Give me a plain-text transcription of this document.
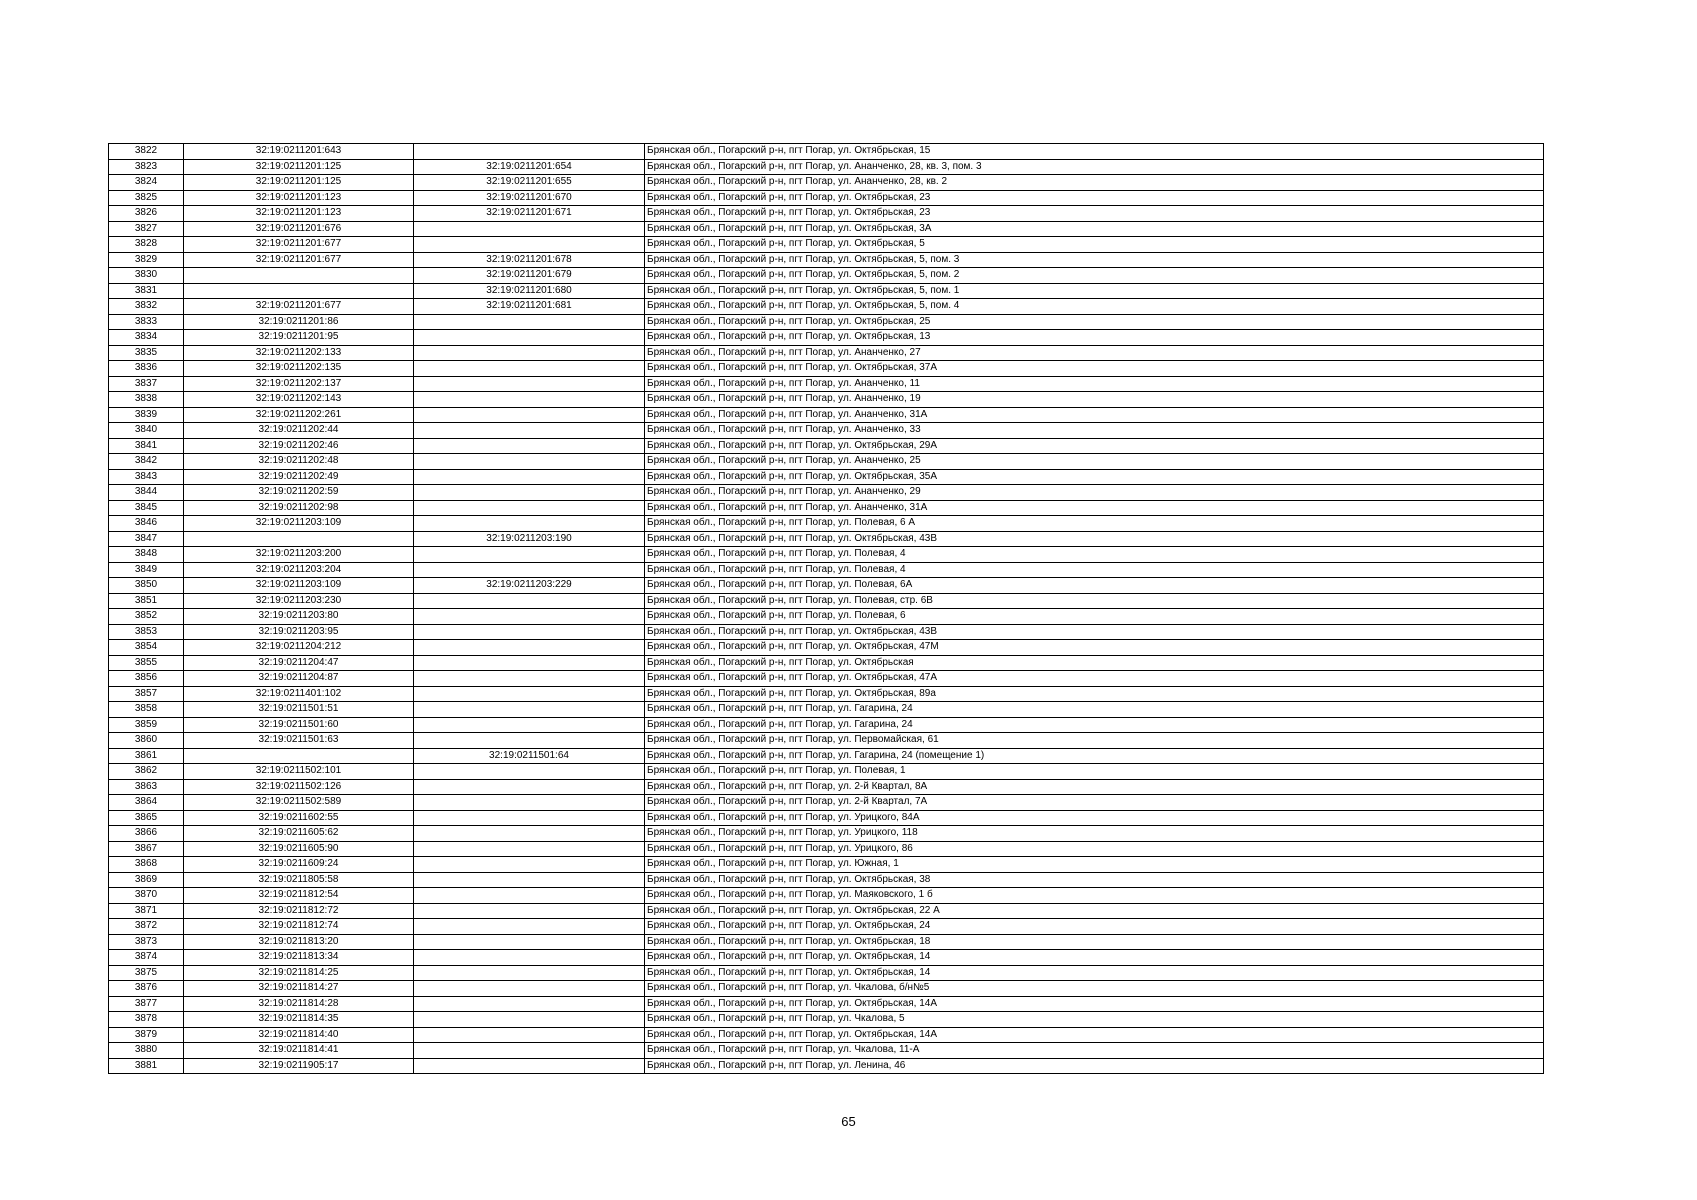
3822	32:19:0211201:643		Брянская обл., Погарский р-н, пгт Погар, ул. Октябрьская, 15
3823	32:19:0211201:125	32:19:0211201:654	Брянская обл., Погарский р-н, пгт Погар, ул. Ананченко, 28, кв. 3, пом. 3
3824	32:19:0211201:125	32:19:0211201:655	Брянская обл., Погарский р-н, пгт Погар, ул. Ананченко, 28, кв. 2
3825	32:19:0211201:123	32:19:0211201:670	Брянская обл., Погарский р-н, пгт Погар, ул. Октябрьская, 23
3826	32:19:0211201:123	32:19:0211201:671	Брянская обл., Погарский р-н, пгт Погар, ул. Октябрьская, 23
3827	32:19:0211201:676		Брянская обл., Погарский р-н, пгт Погар, ул. Октябрьская, 3А
3828	32:19:0211201:677		Брянская обл., Погарский р-н, пгт Погар, ул. Октябрьская, 5
3829	32:19:0211201:677	32:19:0211201:678	Брянская обл., Погарский р-н, пгт Погар, ул. Октябрьская, 5, пом. 3
3830		32:19:0211201:679	Брянская обл., Погарский р-н, пгт Погар, ул. Октябрьская, 5, пом. 2
3831		32:19:0211201:680	Брянская обл., Погарский р-н, пгт Погар, ул. Октябрьская, 5, пом. 1
3832	32:19:0211201:677	32:19:0211201:681	Брянская обл., Погарский р-н, пгт Погар, ул. Октябрьская, 5, пом. 4
3833	32:19:0211201:86		Брянская обл., Погарский р-н, пгт Погар, ул. Октябрьская, 25
3834	32:19:0211201:95		Брянская обл., Погарский р-н, пгт Погар, ул. Октябрьская, 13
3835	32:19:0211202:133		Брянская обл., Погарский р-н, пгт Погар, ул. Ананченко, 27
3836	32:19:0211202:135		Брянская обл., Погарский р-н, пгт Погар, ул. Октябрьская, 37А
3837	32:19:0211202:137		Брянская обл., Погарский р-н, пгт Погар, ул. Ананченко, 11
3838	32:19:0211202:143		Брянская обл., Погарский р-н, пгт Погар, ул. Ананченко, 19
3839	32:19:0211202:261		Брянская обл., Погарский р-н, пгт Погар, ул. Ананченко, 31А
3840	32:19:0211202:44		Брянская обл., Погарский р-н, пгт Погар, ул. Ананченко, 33
3841	32:19:0211202:46		Брянская обл., Погарский р-н, пгт Погар, ул. Октябрьская, 29А
3842	32:19:0211202:48		Брянская обл., Погарский р-н, пгт Погар, ул. Ананченко, 25
3843	32:19:0211202:49		Брянская обл., Погарский р-н, пгт Погар, ул. Октябрьская, 35А
3844	32:19:0211202:59		Брянская обл., Погарский р-н, пгт Погар, ул. Ананченко, 29
3845	32:19:0211202:98		Брянская обл., Погарский р-н, пгт Погар, ул. Ананченко, 31А
3846	32:19:0211203:109		Брянская обл., Погарский р-н, пгт Погар, ул. Полевая, 6 А
3847		32:19:0211203:190	Брянская обл., Погарский р-н, пгт Погар, ул. Октябрьская, 43В
3848	32:19:0211203:200		Брянская обл., Погарский р-н, пгт Погар, ул. Полевая, 4
3849	32:19:0211203:204		Брянская обл., Погарский р-н, пгт Погар, ул. Полевая, 4
3850	32:19:0211203:109	32:19:0211203:229	Брянская обл., Погарский р-н, пгт Погар, ул. Полевая, 6А
3851	32:19:0211203:230		Брянская обл., Погарский р-н, пгт Погар, ул. Полевая, стр. 6В
3852	32:19:0211203:80		Брянская обл., Погарский р-н, пгт Погар, ул. Полевая, 6
3853	32:19:0211203:95		Брянская обл., Погарский р-н, пгт Погар, ул. Октябрьская, 43В
3854	32:19:0211204:212		Брянская обл., Погарский р-н, пгт Погар, ул. Октябрьская, 47М
3855	32:19:0211204:47		Брянская обл., Погарский р-н, пгт Погар, ул. Октябрьская
3856	32:19:0211204:87		Брянская обл., Погарский р-н, пгт Погар, ул. Октябрьская, 47А
3857	32:19:0211401:102		Брянская обл., Погарский р-н, пгт Погар, ул. Октябрьская, 89а
3858	32:19:0211501:51		Брянская обл., Погарский р-н, пгт Погар, ул. Гагарина, 24
3859	32:19:0211501:60		Брянская обл., Погарский р-н, пгт Погар, ул. Гагарина, 24
3860	32:19:0211501:63		Брянская обл., Погарский р-н, пгт Погар, ул. Первомайская, 61
3861		32:19:0211501:64	Брянская обл., Погарский р-н, пгт Погар, ул. Гагарина, 24 (помещение 1)
3862	32:19:0211502:101		Брянская обл., Погарский р-н, пгт Погар, ул. Полевая, 1
3863	32:19:0211502:126		Брянская обл., Погарский р-н, пгт Погар, ул. 2-й Квартал, 8А
3864	32:19:0211502:589		Брянская обл., Погарский р-н, пгт Погар, ул. 2-й Квартал, 7А
3865	32:19:0211602:55		Брянская обл., Погарский р-н, пгт Погар, ул. Урицкого, 84А
3866	32:19:0211605:62		Брянская обл., Погарский р-н, пгт Погар, ул. Урицкого, 118
3867	32:19:0211605:90		Брянская обл., Погарский р-н, пгт Погар, ул. Урицкого, 86
3868	32:19:0211609:24		Брянская обл., Погарский р-н, пгт Погар, ул. Южная, 1
3869	32:19:0211805:58		Брянская обл., Погарский р-н, пгт Погар, ул. Октябрьская, 38
3870	32:19:0211812:54		Брянская обл., Погарский р-н, пгт Погар, ул. Маяковского, 1 б
3871	32:19:0211812:72		Брянская обл., Погарский р-н, пгт Погар, ул. Октябрьская, 22 А
3872	32:19:0211812:74		Брянская обл., Погарский р-н, пгт Погар, ул. Октябрьская, 24
3873	32:19:0211813:20		Брянская обл., Погарский р-н, пгт Погар, ул. Октябрьская, 18
3874	32:19:0211813:34		Брянская обл., Погарский р-н, пгт Погар, ул. Октябрьская, 14
3875	32:19:0211814:25		Брянская обл., Погарский р-н, пгт Погар, ул. Октябрьская, 14
3876	32:19:0211814:27		Брянская обл., Погарский р-н, пгт Погар, ул. Чкалова, б/н№5
3877	32:19:0211814:28		Брянская обл., Погарский р-н, пгт Погар, ул. Октябрьская, 14А
3878	32:19:0211814:35		Брянская обл., Погарский р-н, пгт Погар, ул. Чкалова, 5
3879	32:19:0211814:40		Брянская обл., Погарский р-н, пгт Погар, ул. Октябрьская, 14А
3880	32:19:0211814:41		Брянская обл., Погарский р-н, пгт Погар, ул. Чкалова, 11-А
3881	32:19:0211905:17		Брянская обл., Погарский р-н, пгт Погар, ул. Ленина, 46
65
